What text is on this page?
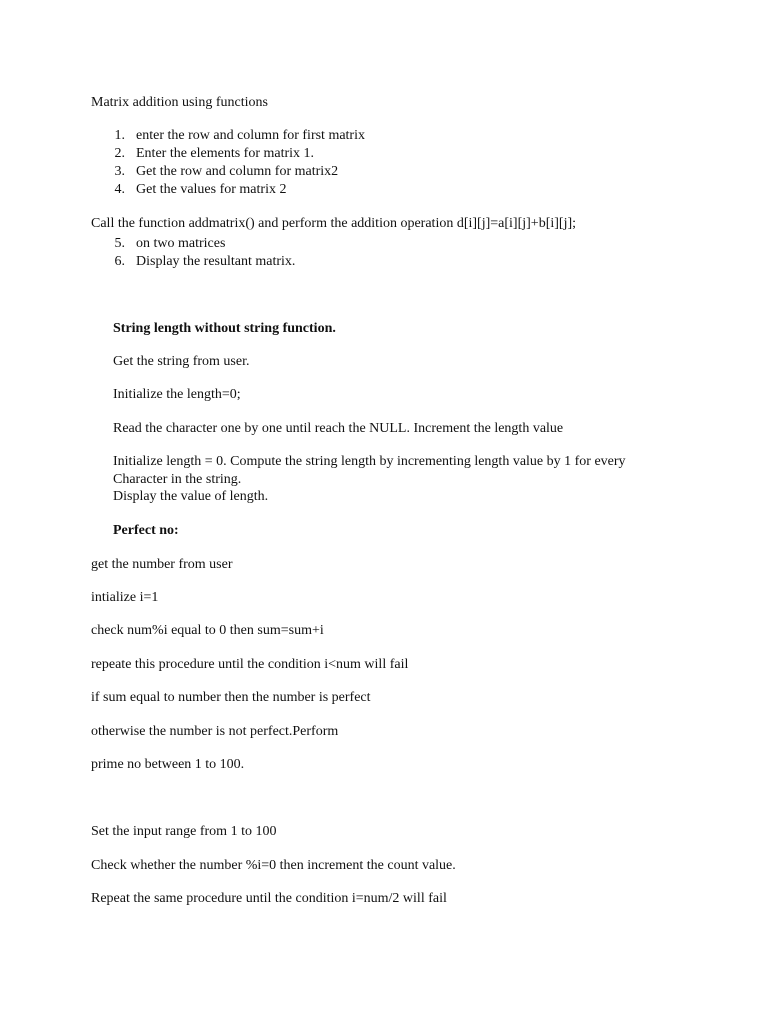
Matrix addition using functions
1. enter the row and column for first matrix
2. Enter the elements for matrix 1.
3. Get the row and column for matrix2
4. Get the values for matrix 2
Call the function addmatrix() and perform the addition operation d[i][j]=a[i][j]+b[i][j];
5. on two matrices
6. Display the resultant matrix.
String length without string function.
Get the string from user.
Initialize the length=0;
Read the character one by one until reach the NULL. Increment the length value
Initialize length = 0. Compute the string length by incrementing length value by 1 for every
Character in the string.
Display the value of length.
Perfect no:
get the number from user
intialize i=1
check num%i equal to 0 then sum=sum+i
repeate this procedure until the condition i<num will fail
if sum equal to number then the number is perfect
otherwise the number is not perfect.Perform
prime no between 1 to 100.
Set the input range from 1 to 100
Check whether the number %i=0 then increment the count value.
Repeat the same procedure until the condition i=num/2 will fail
